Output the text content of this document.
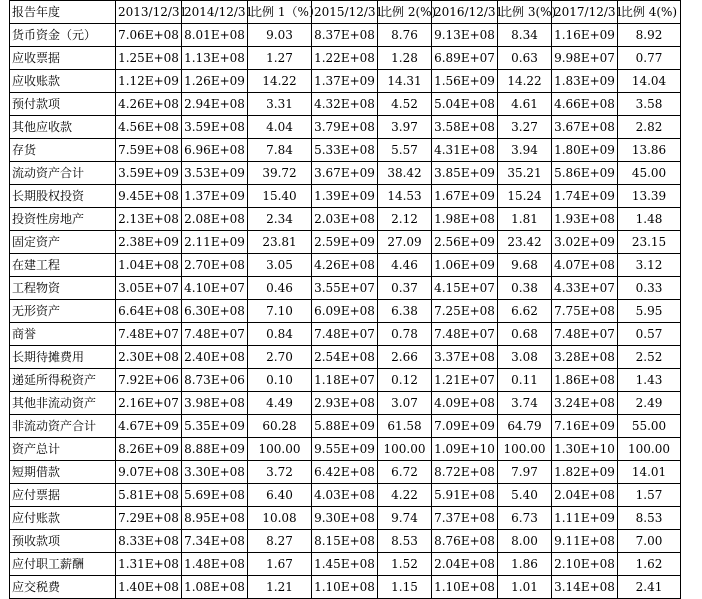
报告年度	2013/12/31	2014/12/31	比例 1（%）	2015/12/31	比例 2(%)	2016/12/31	比例 3(%)	2017/12/31	比例 4(%)
货币资金（元）	7.06E+08	8.01E+08	9.03	8.37E+08	8.76	9.13E+08	8.34	1.16E+09	8.92
应收票据	1.25E+08	1.13E+08	1.27	1.22E+08	1.28	6.89E+07	0.63	9.98E+07	0.77
应收账款	1.12E+09	1.26E+09	14.22	1.37E+09	14.31	1.56E+09	14.22	1.83E+09	14.04
预付款项	4.26E+08	2.94E+08	3.31	4.32E+08	4.52	5.04E+08	4.61	4.66E+08	3.58
其他应收款	4.56E+08	3.59E+08	4.04	3.79E+08	3.97	3.58E+08	3.27	3.67E+08	2.82
存货	7.59E+08	6.96E+08	7.84	5.33E+08	5.57	4.31E+08	3.94	1.80E+09	13.86
流动资产合计	3.59E+09	3.53E+09	39.72	3.67E+09	38.42	3.85E+09	35.21	5.86E+09	45.00
长期股权投资	9.45E+08	1.37E+09	15.40	1.39E+09	14.53	1.67E+09	15.24	1.74E+09	13.39
投资性房地产	2.13E+08	2.08E+08	2.34	2.03E+08	2.12	1.98E+08	1.81	1.93E+08	1.48
固定资产	2.38E+09	2.11E+09	23.81	2.59E+09	27.09	2.56E+09	23.42	3.02E+09	23.15
在建工程	1.04E+08	2.70E+08	3.05	4.26E+08	4.46	1.06E+09	9.68	4.07E+08	3.12
工程物资	3.05E+07	4.10E+07	0.46	3.55E+07	0.37	4.15E+07	0.38	4.33E+07	0.33
无形资产	6.64E+08	6.30E+08	7.10	6.09E+08	6.38	7.25E+08	6.62	7.75E+08	5.95
商誉	7.48E+07	7.48E+07	0.84	7.48E+07	0.78	7.48E+07	0.68	7.48E+07	0.57
长期待摊费用	2.30E+08	2.40E+08	2.70	2.54E+08	2.66	3.37E+08	3.08	3.28E+08	2.52
递延所得税资产	7.92E+06	8.73E+06	0.10	1.18E+07	0.12	1.21E+07	0.11	1.86E+08	1.43
其他非流动资产	2.16E+07	3.98E+08	4.49	2.93E+08	3.07	4.09E+08	3.74	3.24E+08	2.49
非流动资产合计	4.67E+09	5.35E+09	60.28	5.88E+09	61.58	7.09E+09	64.79	7.16E+09	55.00
资产总计	8.26E+09	8.88E+09	100.00	9.55E+09	100.00	1.09E+10	100.00	1.30E+10	100.00
短期借款	9.07E+08	3.30E+08	3.72	6.42E+08	6.72	8.72E+08	7.97	1.82E+09	14.01
应付票据	5.81E+08	5.69E+08	6.40	4.03E+08	4.22	5.91E+08	5.40	2.04E+08	1.57
应付账款	7.29E+08	8.95E+08	10.08	9.30E+08	9.74	7.37E+08	6.73	1.11E+09	8.53
预收款项	8.33E+08	7.34E+08	8.27	8.15E+08	8.53	8.76E+08	8.00	9.11E+08	7.00
应付职工薪酬	1.31E+08	1.48E+08	1.67	1.45E+08	1.52	2.04E+08	1.86	2.10E+08	1.62
应交税费	1.40E+08	1.08E+08	1.21	1.10E+08	1.15	1.10E+08	1.01	3.14E+08	2.41
